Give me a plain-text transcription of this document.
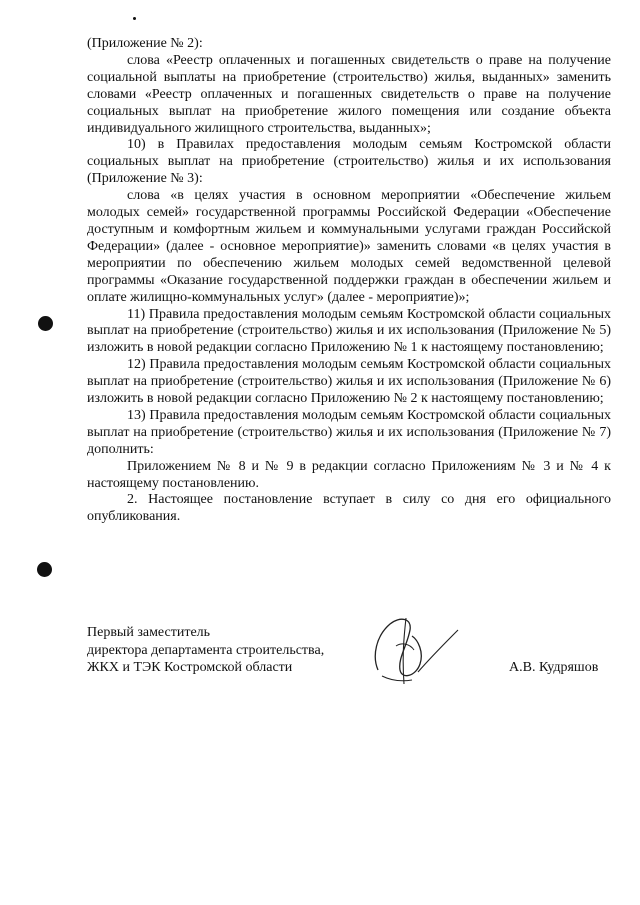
(Приложение № 2):

слова «Реестр оплаченных и погашенных свидетельств о праве на получение социальной выплаты на приобретение (строительство) жилья, выданных» заменить словами «Реестр оплаченных и погашенных свидетельств о праве на получение социальных выплат на приобретение жилого помещения или создание объекта индивидуального жилищного строительства, выданных»;

10) в Правилах предоставления молодым семьям Костромской области социальных выплат на приобретение (строительство) жилья и их использования (Приложение № 3):

слова «в целях участия в основном мероприятии «Обеспечение жильем молодых семей» государственной программы Российской Федерации «Обеспечение доступным и комфортным жильем и коммунальными услугами граждан Российской Федерации» (далее - основное мероприятие)» заменить словами «в целях участия в мероприятии по обеспечению жильем молодых семей ведомственной целевой программы «Оказание государственной поддержки граждан в обеспечении жильем и оплате жилищно-коммунальных услуг» (далее - мероприятие)»;

11) Правила предоставления молодым семьям Костромской области социальных выплат на приобретение (строительство) жилья и их использования (Приложение № 5) изложить в новой редакции согласно Приложению № 1 к настоящему постановлению;

12) Правила предоставления молодым семьям Костромской области социальных выплат на приобретение (строительство) жилья и их использования (Приложение № 6) изложить в новой редакции согласно Приложению № 2 к настоящему постановлению;

13) Правила предоставления молодым семьям Костромской области социальных выплат на приобретение (строительство) жилья и их использования (Приложение № 7) дополнить:

Приложением № 8 и № 9 в редакции согласно Приложениям № 3 и № 4 к настоящему постановлению.

2. Настоящее постановление вступает в силу со дня его официального опубликования.

Первый заместитель
директора департамента строительства,
ЖКХ и ТЭК Костромской области	А.В. Кудряшов
